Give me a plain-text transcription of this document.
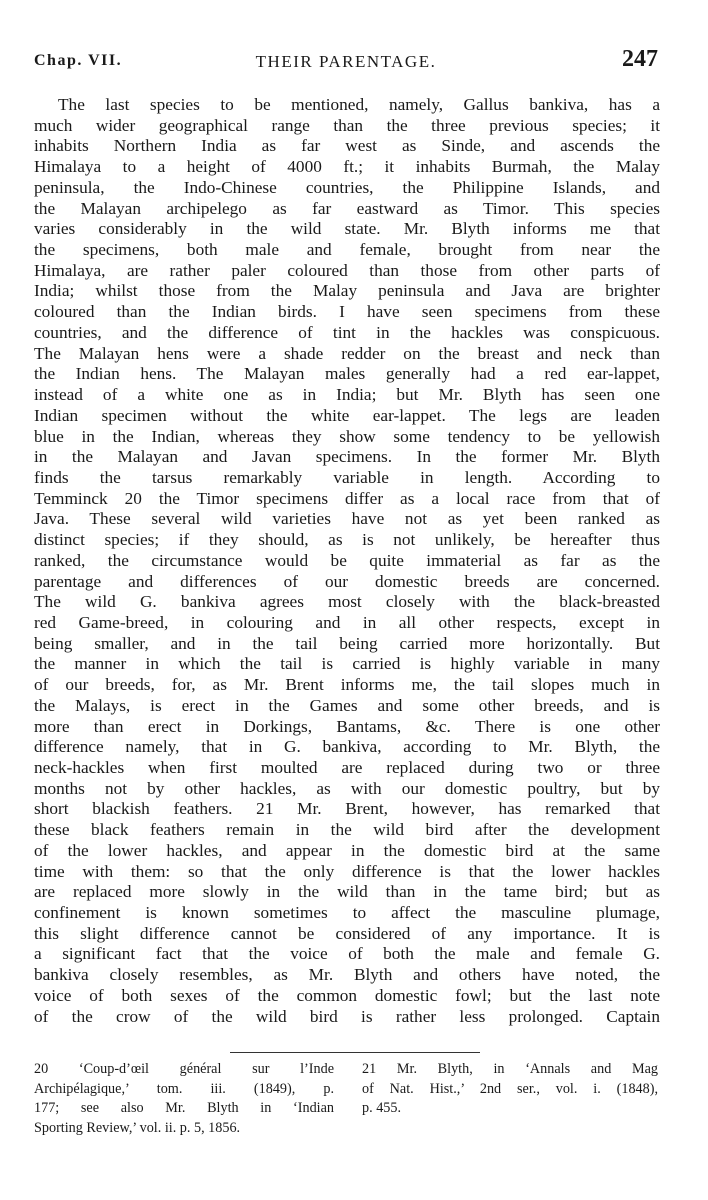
Chap. VII.	THEIR PARENTAGE.	247
The last species to be mentioned, namely, Gallus bankiva, has a
much wider geographical range than the three previous species; it
inhabits Northern India as far west as Sinde, and ascends the
Himalaya to a height of 4000 ft.; it inhabits Burmah, the Malay
peninsula, the Indo-Chinese countries, the Philippine Islands, and
the Malayan archipelego as far eastward as Timor. This species
varies considerably in the wild state. Mr. Blyth informs me that
the specimens, both male and female, brought from near the
Himalaya, are rather paler coloured than those from other parts of
India; whilst those from the Malay peninsula and Java are brighter
coloured than the Indian birds. I have seen specimens from these
countries, and the difference of tint in the hackles was conspicuous.
The Malayan hens were a shade redder on the breast and neck than
the Indian hens. The Malayan males generally had a red ear-lappet,
instead of a white one as in India; but Mr. Blyth has seen one
Indian specimen without the white ear-lappet. The legs are leaden
blue in the Indian, whereas they show some tendency to be yellowish
in the Malayan and Javan specimens. In the former Mr. Blyth
finds the tarsus remarkably variable in length. According to
Temminck 20 the Timor specimens differ as a local race from that of
Java. These several wild varieties have not as yet been ranked as
distinct species; if they should, as is not unlikely, be hereafter thus
ranked, the circumstance would be quite immaterial as far as the
parentage and differences of our domestic breeds are concerned.
The wild G. bankiva agrees most closely with the black-breasted
red Game-breed, in colouring and in all other respects, except in
being smaller, and in the tail being carried more horizontally. But
the manner in which the tail is carried is highly variable in many
of our breeds, for, as Mr. Brent informs me, the tail slopes much in
the Malays, is erect in the Games and some other breeds, and is
more than erect in Dorkings, Bantams, &c. There is one other
difference namely, that in G. bankiva, according to Mr. Blyth, the
neck-hackles when first moulted are replaced during two or three
months not by other hackles, as with our domestic poultry, but by
short blackish feathers. 21 Mr. Brent, however, has remarked that
these black feathers remain in the wild bird after the development
of the lower hackles, and appear in the domestic bird at the same
time with them: so that the only difference is that the lower hackles
are replaced more slowly in the wild than in the tame bird; but as
confinement is known sometimes to affect the masculine plumage,
this slight difference cannot be considered of any importance. It is
a significant fact that the voice of both the male and female G.
bankiva closely resembles, as Mr. Blyth and others have noted, the
voice of both sexes of the common domestic fowl; but the last note
of the crow of the wild bird is rather less prolonged. Captain
20 ‘Coup-d’œil général sur l’Inde
Archipélagique,’ tom. iii. (1849), p.
177; see also Mr. Blyth in ‘Indian
Sporting Review,’ vol. ii. p. 5, 1856.
21 Mr. Blyth, in ‘Annals and Mag
of Nat. Hist.,’ 2nd ser., vol. i. (1848),
p. 455.
